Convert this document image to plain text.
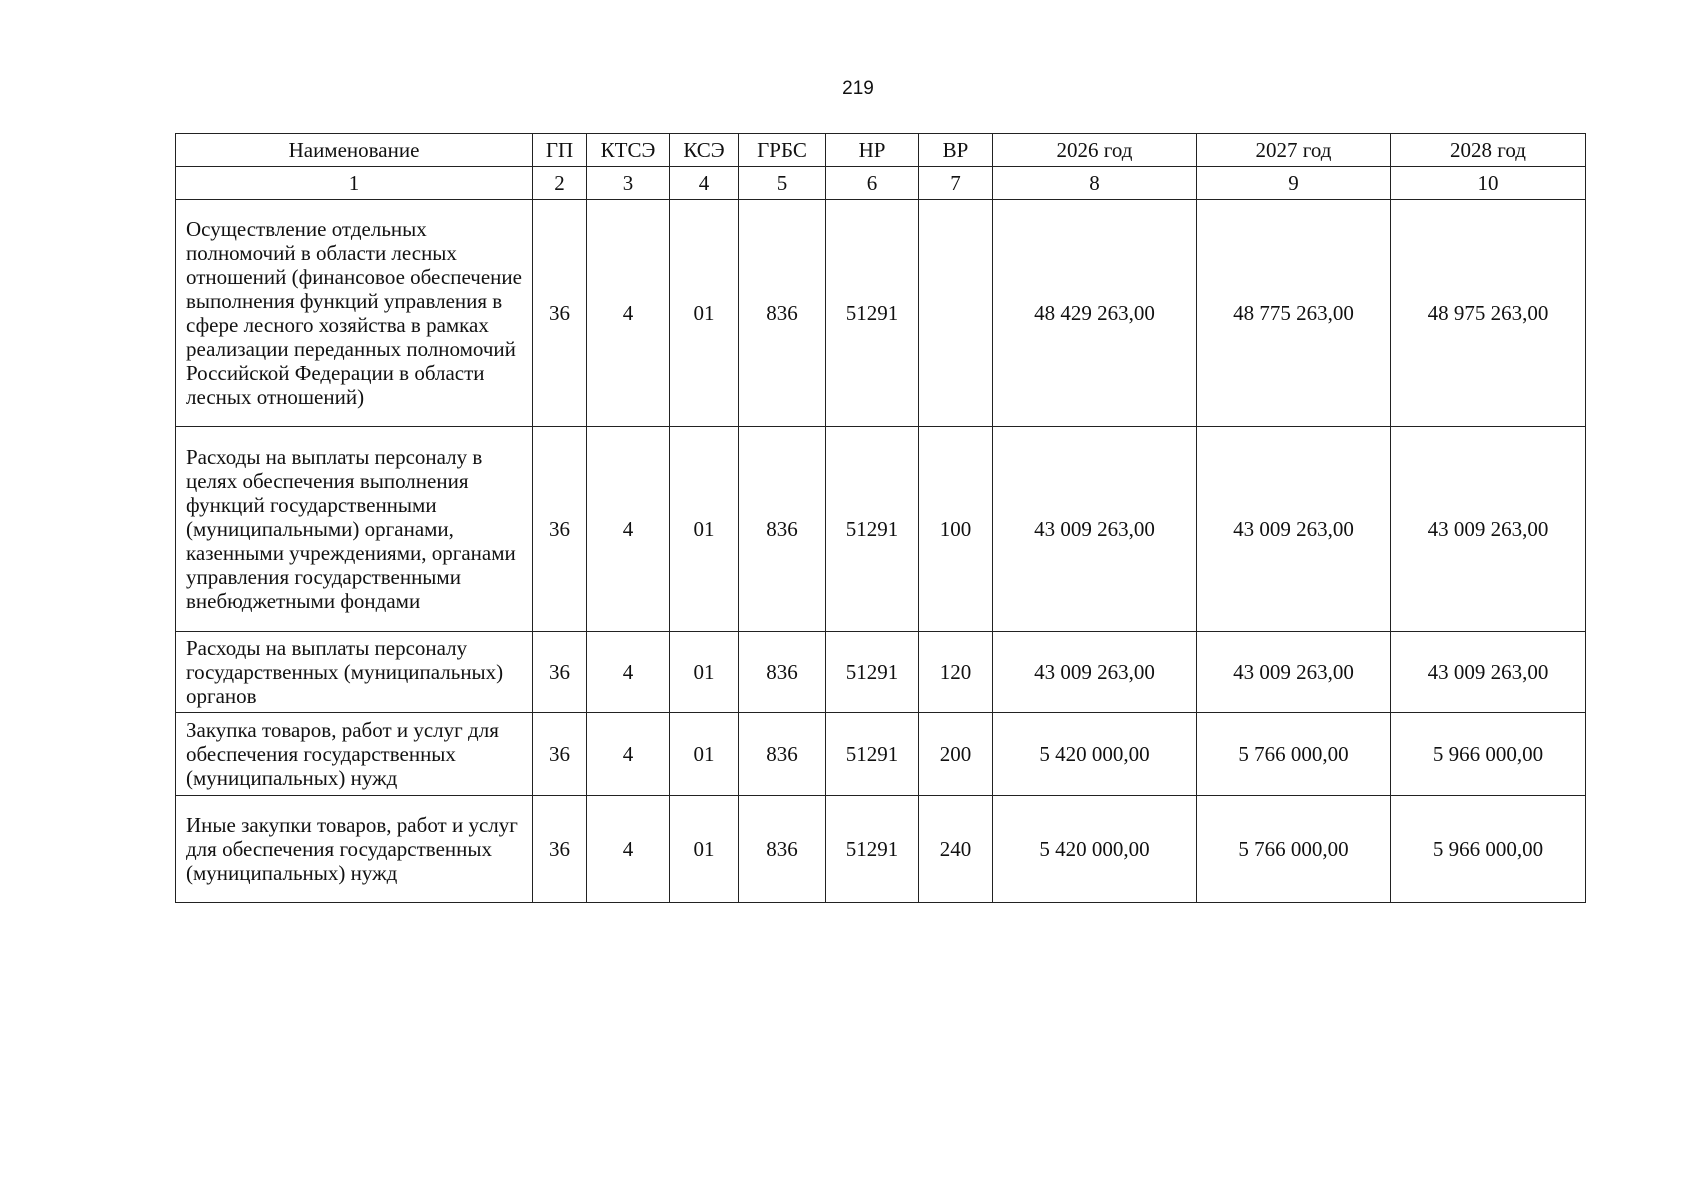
219
Наименование	ГП	КТСЭ	КСЭ	ГРБС	НР	ВР	2026 год	2027 год	2028 год
1	2	3	4	5	6	7	8	9	10
Осуществление отдельных полномочий в области лесных отношений (финансовое обеспечение выполнения функций управления в сфере лесного хозяйства в рамках реализации переданных полномочий Российской Федерации в области лесных отношений)	36	4	01	836	51291		48 429 263,00	48 775 263,00	48 975 263,00
Расходы на выплаты персоналу в целях обеспечения выполнения функций государственными (муниципальными) органами, казенными учреждениями, органами управления государственными внебюджетными фондами	36	4	01	836	51291	100	43 009 263,00	43 009 263,00	43 009 263,00
Расходы на выплаты персоналу государственных (муниципальных) органов	36	4	01	836	51291	120	43 009 263,00	43 009 263,00	43 009 263,00
Закупка товаров, работ и услуг для обеспечения государственных (муниципальных) нужд	36	4	01	836	51291	200	5 420 000,00	5 766 000,00	5 966 000,00
Иные закупки товаров, работ и услуг для обеспечения государственных (муниципальных) нужд	36	4	01	836	51291	240	5 420 000,00	5 766 000,00	5 966 000,00
